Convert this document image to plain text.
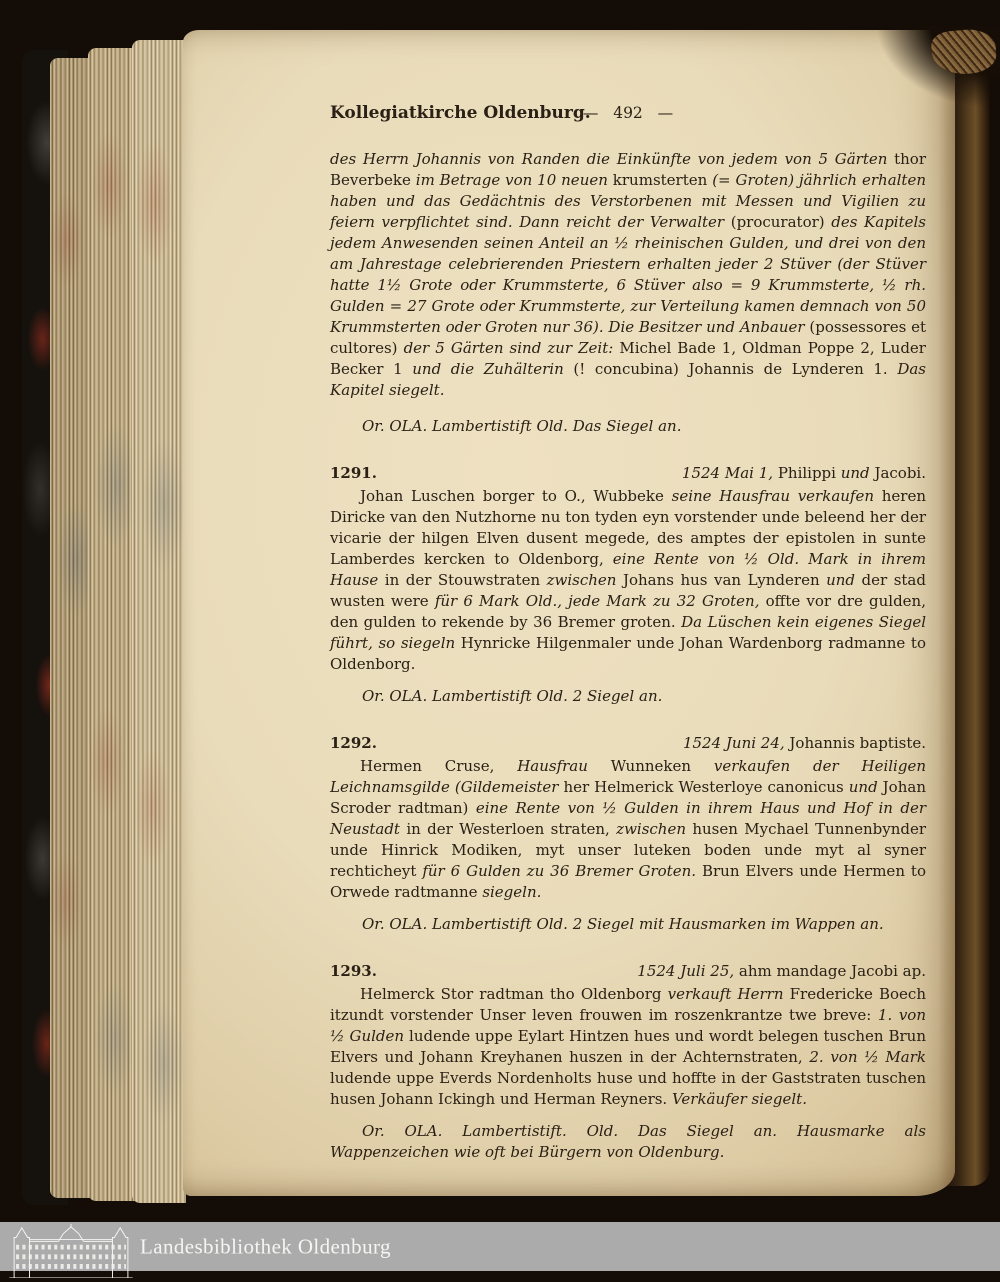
Kollegiatkirche Oldenburg.
—   492   —

des Herrn Johannis von Randen die Einkünfte von jedem von 5 Gärten thor Beverbeke im Betrage von 10 neuen krumsterten (= Groten) jährlich erhalten haben und das Gedächtnis des Verstorbenen mit Messen und Vigilien zu feiern verpflichtet sind. Dann reicht der Verwalter (procurator) des Kapitels jedem Anwesenden seinen Anteil an ½ rheinischen Gulden, und drei von den am Jahrestage celebrierenden Priestern erhalten jeder 2 Stüver (der Stüver hatte 1½ Grote oder Krummsterte, 6 Stüver also = 9 Krummsterte, ½ rh. Gulden = 27 Grote oder Krummsterte, zur Verteilung kamen demnach von 50 Krummsterten oder Groten nur 36). Die Besitzer und Anbauer (possessores et cultores) der 5 Gärten sind zur Zeit: Michel Bade 1, Oldman Poppe 2, Luder Becker 1 und die Zuhälterin (! concubina) Johannis de Lynderen 1. Das Kapitel siegelt.

Or. OLA. Lambertistift Old. Das Siegel an.

1291.	1524 Mai 1, Philippi und Jacobi.

Johan Luschen borger to O., Wubbeke seine Hausfrau verkaufen heren Diricke van den Nutzhorne nu ton tyden eyn vorstender unde beleend her der vicarie der hilgen Elven dusent megede, des amptes der epistolen in sunte Lamberdes kercken to Oldenborg, eine Rente von ½ Old. Mark in ihrem Hause in der Stouwstraten zwischen Johans hus van Lynderen und der stad wusten were für 6 Mark Old., jede Mark zu 32 Groten, offte vor dre gulden, den gulden to rekende by 36 Bremer groten. Da Lüschen kein eigenes Siegel führt, so siegeln Hynricke Hilgenmaler unde Johan Wardenborg radmanne to Oldenborg.

Or. OLA. Lambertistift Old. 2 Siegel an.

1292.	1524 Juni 24, Johannis baptiste.

Hermen Cruse, Hausfrau Wunneken verkaufen der Heiligen Leichnamsgilde (Gildemeister her Helmerick Westerloye canonicus und Johan Scroder radtman) eine Rente von ½ Gulden in ihrem Haus und Hof in der Neustadt in der Westerloen straten, zwischen husen Mychael Tunnenbynder unde Hinrick Modiken, myt unser luteken boden unde myt al syner rechticheyt für 6 Gulden zu 36 Bremer Groten. Brun Elvers unde Hermen to Orwede radtmanne siegeln.

Or. OLA. Lambertistift Old. 2 Siegel mit Hausmarken im Wappen an.

1293.	1524 Juli 25, ahm mandage Jacobi ap.

Helmerck Stor radtman tho Oldenborg verkauft Herrn Fredericke Boech itzundt vorstender Unser leven frouwen im roszenkrantze twe breve: 1. von ½ Gulden ludende uppe Eylart Hintzen hues und wordt belegen tuschen Brun Elvers und Johann Kreyhanen huszen in der Achternstraten, 2. von ½ Mark ludende uppe Everds Nordenholts huse und hoffte in der Gaststraten tuschen husen Johann Ickingh und Herman Reyners. Verkäufer siegelt.

Or. OLA. Lambertistift. Old. Das Siegel an. Hausmarke als Wappenzeichen wie oft bei Bürgern von Oldenburg.

Landesbibliothek Oldenburg
